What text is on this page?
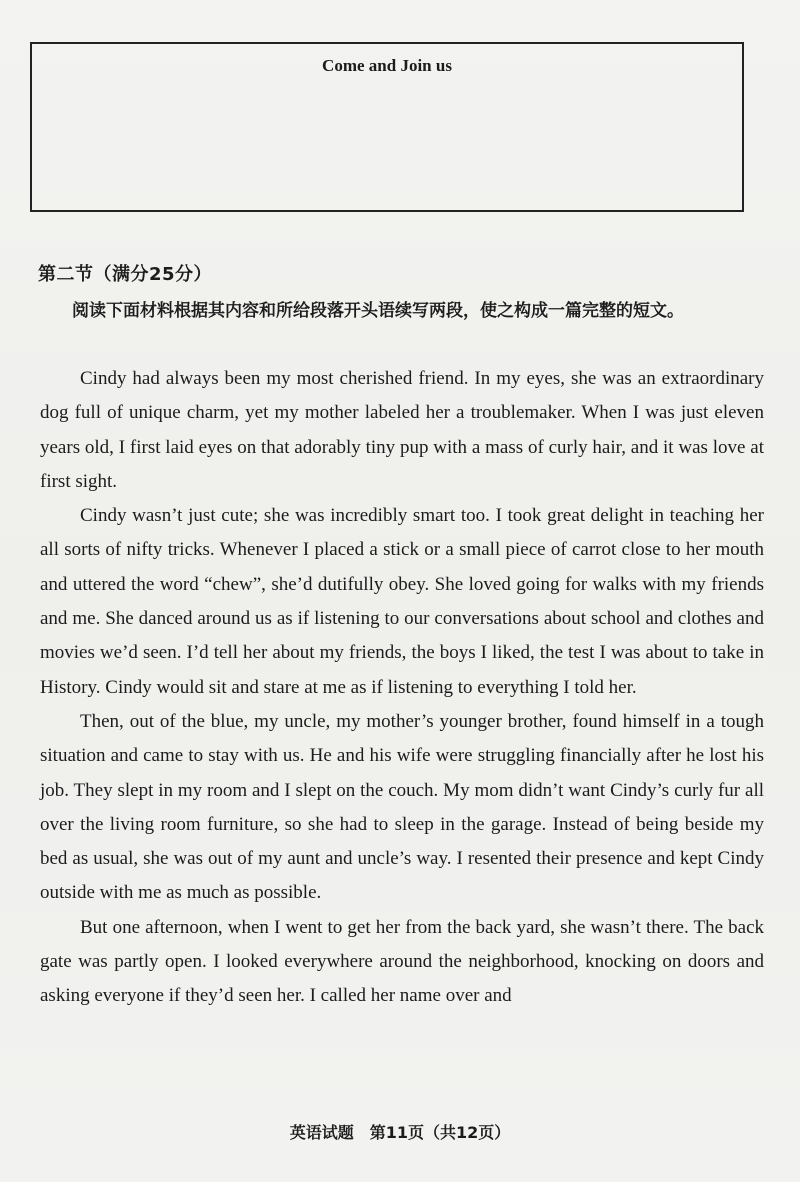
Come and Join us
第二节（满分25分）
阅读下面材料根据其内容和所给段落开头语续写两段，使之构成一篇完整的短文。

Cindy had always been my most cherished friend. In my eyes, she was an extraordinary dog full of unique charm, yet my mother labeled her a troublemaker. When I was just eleven years old, I first laid eyes on that adorably tiny pup with a mass of curly hair, and it was love at first sight.

Cindy wasn’t just cute; she was incredibly smart too. I took great delight in teaching her all sorts of nifty tricks. Whenever I placed a stick or a small piece of carrot close to her mouth and uttered the word “chew”, she’d dutifully obey. She loved going for walks with my friends and me. She danced around us as if listening to our conversations about school and clothes and movies we’d seen. I’d tell her about my friends, the boys I liked, the test I was about to take in History. Cindy would sit and stare at me as if listening to everything I told her.

Then, out of the blue, my uncle, my mother’s younger brother, found himself in a tough situation and came to stay with us. He and his wife were struggling financially after he lost his job. They slept in my room and I slept on the couch. My mom didn’t want Cindy’s curly fur all over the living room furniture, so she had to sleep in the garage. Instead of being beside my bed as usual, she was out of my aunt and uncle’s way. I resented their presence and kept Cindy outside with me as much as possible.

But one afternoon, when I went to get her from the back yard, she wasn’t there. The back gate was partly open. I looked everywhere around the neighborhood, knocking on doors and asking everyone if they’d seen her. I called her name over and

英语试题　第11页（共12页）
